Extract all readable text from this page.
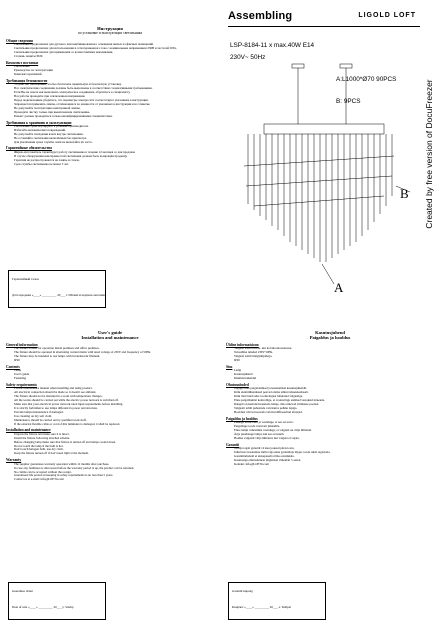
Инструкция
по установке и эксплуатации светильника
Общие сведения
• Светильник предназначен для дугового или комбинированного освещения жилых и офисных помещений.
• Светильник предназначен для использования в сети переменного тока с номинальным напряжением 230В и частотой 50Гц.
• Светильник предназначен для применения со всеми лампами накаливания.
• Степень защиты IP20.
Комплект поставки
• Светильник
• Руководство по эксплуатации
• Комплект креплений
Требования безопасности
• Устройство светильника, чтобы обеспечить правильную и безопасную установку.
• Все электрические соединения должны быть выполнены в соответствии с нормативными требованиями.
• Если Вы не знаете как выполнить электрическое соединение, обратитесь к специалисту.
• Все работы проводите при отключенном напряжении.
• Перед подключением убедитесь, что параметры электросети соответствуют указанным в инструкции.
• Запрещается применять лампы, отличающиеся по мощности от указанных в инструкции и на этикетке.
• Не допускайте эксплуатацию неисправной лампы.
• Проводите чистку только при выключенном светильнике.
• Ремонт должен проводиться только квалифицированными специалистами.
Требования к хранению и эксплуатации
• Светильник транспортируйте в упаковке производителя.
• Избегайте механических повреждений.
• Не допускайте попадания влаги внутрь светильника.
• Не оставляйте светильник включённым без присмотра.
• Для увеличения срока службы ламп не включайте их часто.
Гарантийные обязательства
• Фирма-изготовитель гарантирует работу светильника в течение 12 месяцев со дня продажи.
• В случае обнаружения неисправностей светильник должен быть возвращён продавцу.
• Гарантия не распространяется на лампы и стекло.
• Срок службы светильника не менее 5 лет.
Гарантийный талон
Дата продажи «____» _________ 20___ г. Штамп и подпись магазина
Assembling	LIGOLD LOFT
LSP-8184-11 x max.40W E14
230V~ 50Hz
A:L1000*Ø70 90PCS
B: 9PCS
B
A
Created by free version of DocuFreezer
User's guide
Installation and maintenance
General information
• The fixture is used for operation inside premises and office premises.
• The fixture should be operated in alternating current mains with rated voltage of 230V and frequency of 50Hz.
• The fixture may be intended to use lamps with incandescent filament.
• IP20
Contents
• Lamp
• User's guide
• Fastening
Safety requirements
• Follow maintenance manual when installing and using product.
• All electrical connection should be made so it doesn't see ambient.
• The fixture should not be installed in a room with temperature changes.
• All the works should be carried out while the electric power network is switched off.
• Make sure that your electrical power network rated input requirements before installing.
• It is strictly forbidden to use lamps different in power and structure.
• Provide lamps maintenance if damaged.
• Use cleaning on dry soft cloth.
• Maintenance should be carried out by qualified work staff.
• If the external flexible cable or cord of this luminaire is damaged, it shall be replaced.
Installation and maintenance
• Unpack the fixture and make sure it is intact.
• Install the fixture following attached scheme.
• Before changing lamp make sure that fixture is turned off and lamps cooled down.
• Do not touch the lamp if the bulb is hot.
• Don't touch halogen bulb, use dry cloth.
• Keep the fixture turned off if don't need light at the moment.
Warranty
• The supplier guarantees warranty operation within 12 months after purchase.
• In case any faultiness is discovered before the warranty period is up, the product can be returned.
• No claims can be accepted without the receipt.
• Guaranteed life period on keeping in safety requirements is no less than 5 years.
• Contact us at e-mail: info@LOFTit.com
Guarantee ticket
Date of sale «____» _________ 20___ y. Stamp
Kasutusjuhend
Paigaldus ja hooldus
Üldine informatsioon
• Valgusti sobib nii elu- kui ka büroohoonetesse.
• Toiteallika nõuded 230V 50Hz.
• Valgusti sobib hõõglampidega.
• IP20
Sisu
• Lamp
• Kasutusjuhend
• Kinnitusvahendid
Ohutusnõuded
• Jälgige toote paigaldamisel ja kasutamisel kasutusjuhendit.
• Kõik elektriühendused peavad olema tehtud nõuetekohaselt.
• Kõik tööd tuleb teha vooluvõrgust lahutatud valgustiga.
• Enne paigaldamist kontrollige, et vooluvõrgu andmed vastaksid nõuetele.
• Rangelt on keelatud kasutada lampe, mis erinevad võimsuse poolest.
• Valgustit tohib puhastada vaid kuiva pehme lapiga.
• Hooldust võivad teostada vaid kvalifitseeritud töötajad.
Paigaldus ja hooldus
• Pakkige toode lahti ja veenduge, et see on terve.
• Paigaldage toode vastavalt juhendile.
• Enne lampi vahetamist veenduge, et valgusti on välja lülitatud.
• Ärge puudutage lampi, kui see on kuum.
• Hoidke valgustit välja lülitatud, kui valgust ei vajata.
Garantii
• Tarnija tagab garantii 12 kuu jooksul pärast ostu.
• Juhul kui avastatakse mõni viga enne garantiiaja lõppu, toode tuleb tagastada.
• Garantiinõudeid ei aktsepteerita ilma ostutšekita.
• Kasutusiga ohutusnõuete järgimisel vähemalt 5 aastat.
• Kontakt: info@LOFTit.com
Garantii kupong
Kuupäev «____» _________ 20___ a. Tempel
